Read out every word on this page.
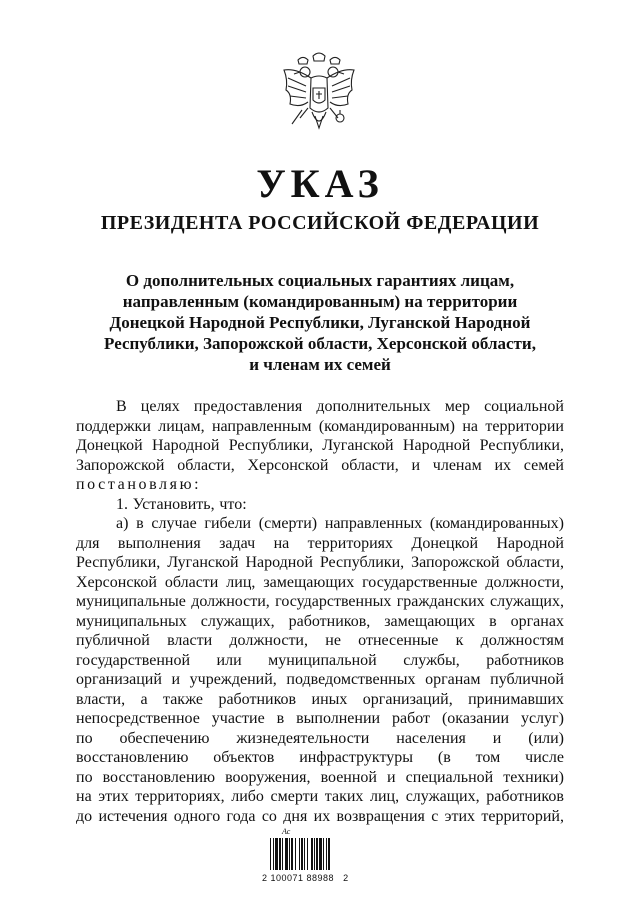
УКАЗ
ПРЕЗИДЕНТА РОССИЙСКОЙ ФЕДЕРАЦИИ
О дополнительных социальных гарантиях лицам,
направленным (командированным) на территории
Донецкой Народной Республики, Луганской Народной
Республики, Запорожской области, Херсонской области,
и членам их семей
В целях предоставления дополнительных мер социальной
поддержки лицам, направленным (командированным) на территории
Донецкой Народной Республики, Луганской Народной Республики,
Запорожской области, Херсонской области, и членам их семей
постановляю:
1. Установить, что:
а) в случае гибели (смерти) направленных (командированных)
для выполнения задач на территориях Донецкой Народной
Республики, Луганской Народной Республики, Запорожской области,
Херсонской области лиц, замещающих государственные должности,
муниципальные должности, государственных гражданских служащих,
муниципальных служащих, работников, замещающих в органах
публичной власти должности, не отнесенные к должностям
государственной или муниципальной службы, работников
организаций и учреждений, подведомственных органам публичной
власти, а также работников иных организаций, принимавших
непосредственное участие в выполнении работ (оказании услуг)
по обеспечению жизнедеятельности населения и (или)
восстановлению объектов инфраструктуры (в том числе
по восстановлению вооружения, военной и специальной техники)
на этих территориях, либо смерти таких лиц, служащих, работников
до истечения одного года со дня их возвращения с этих территорий,
Ас
2 100071 88988   2
